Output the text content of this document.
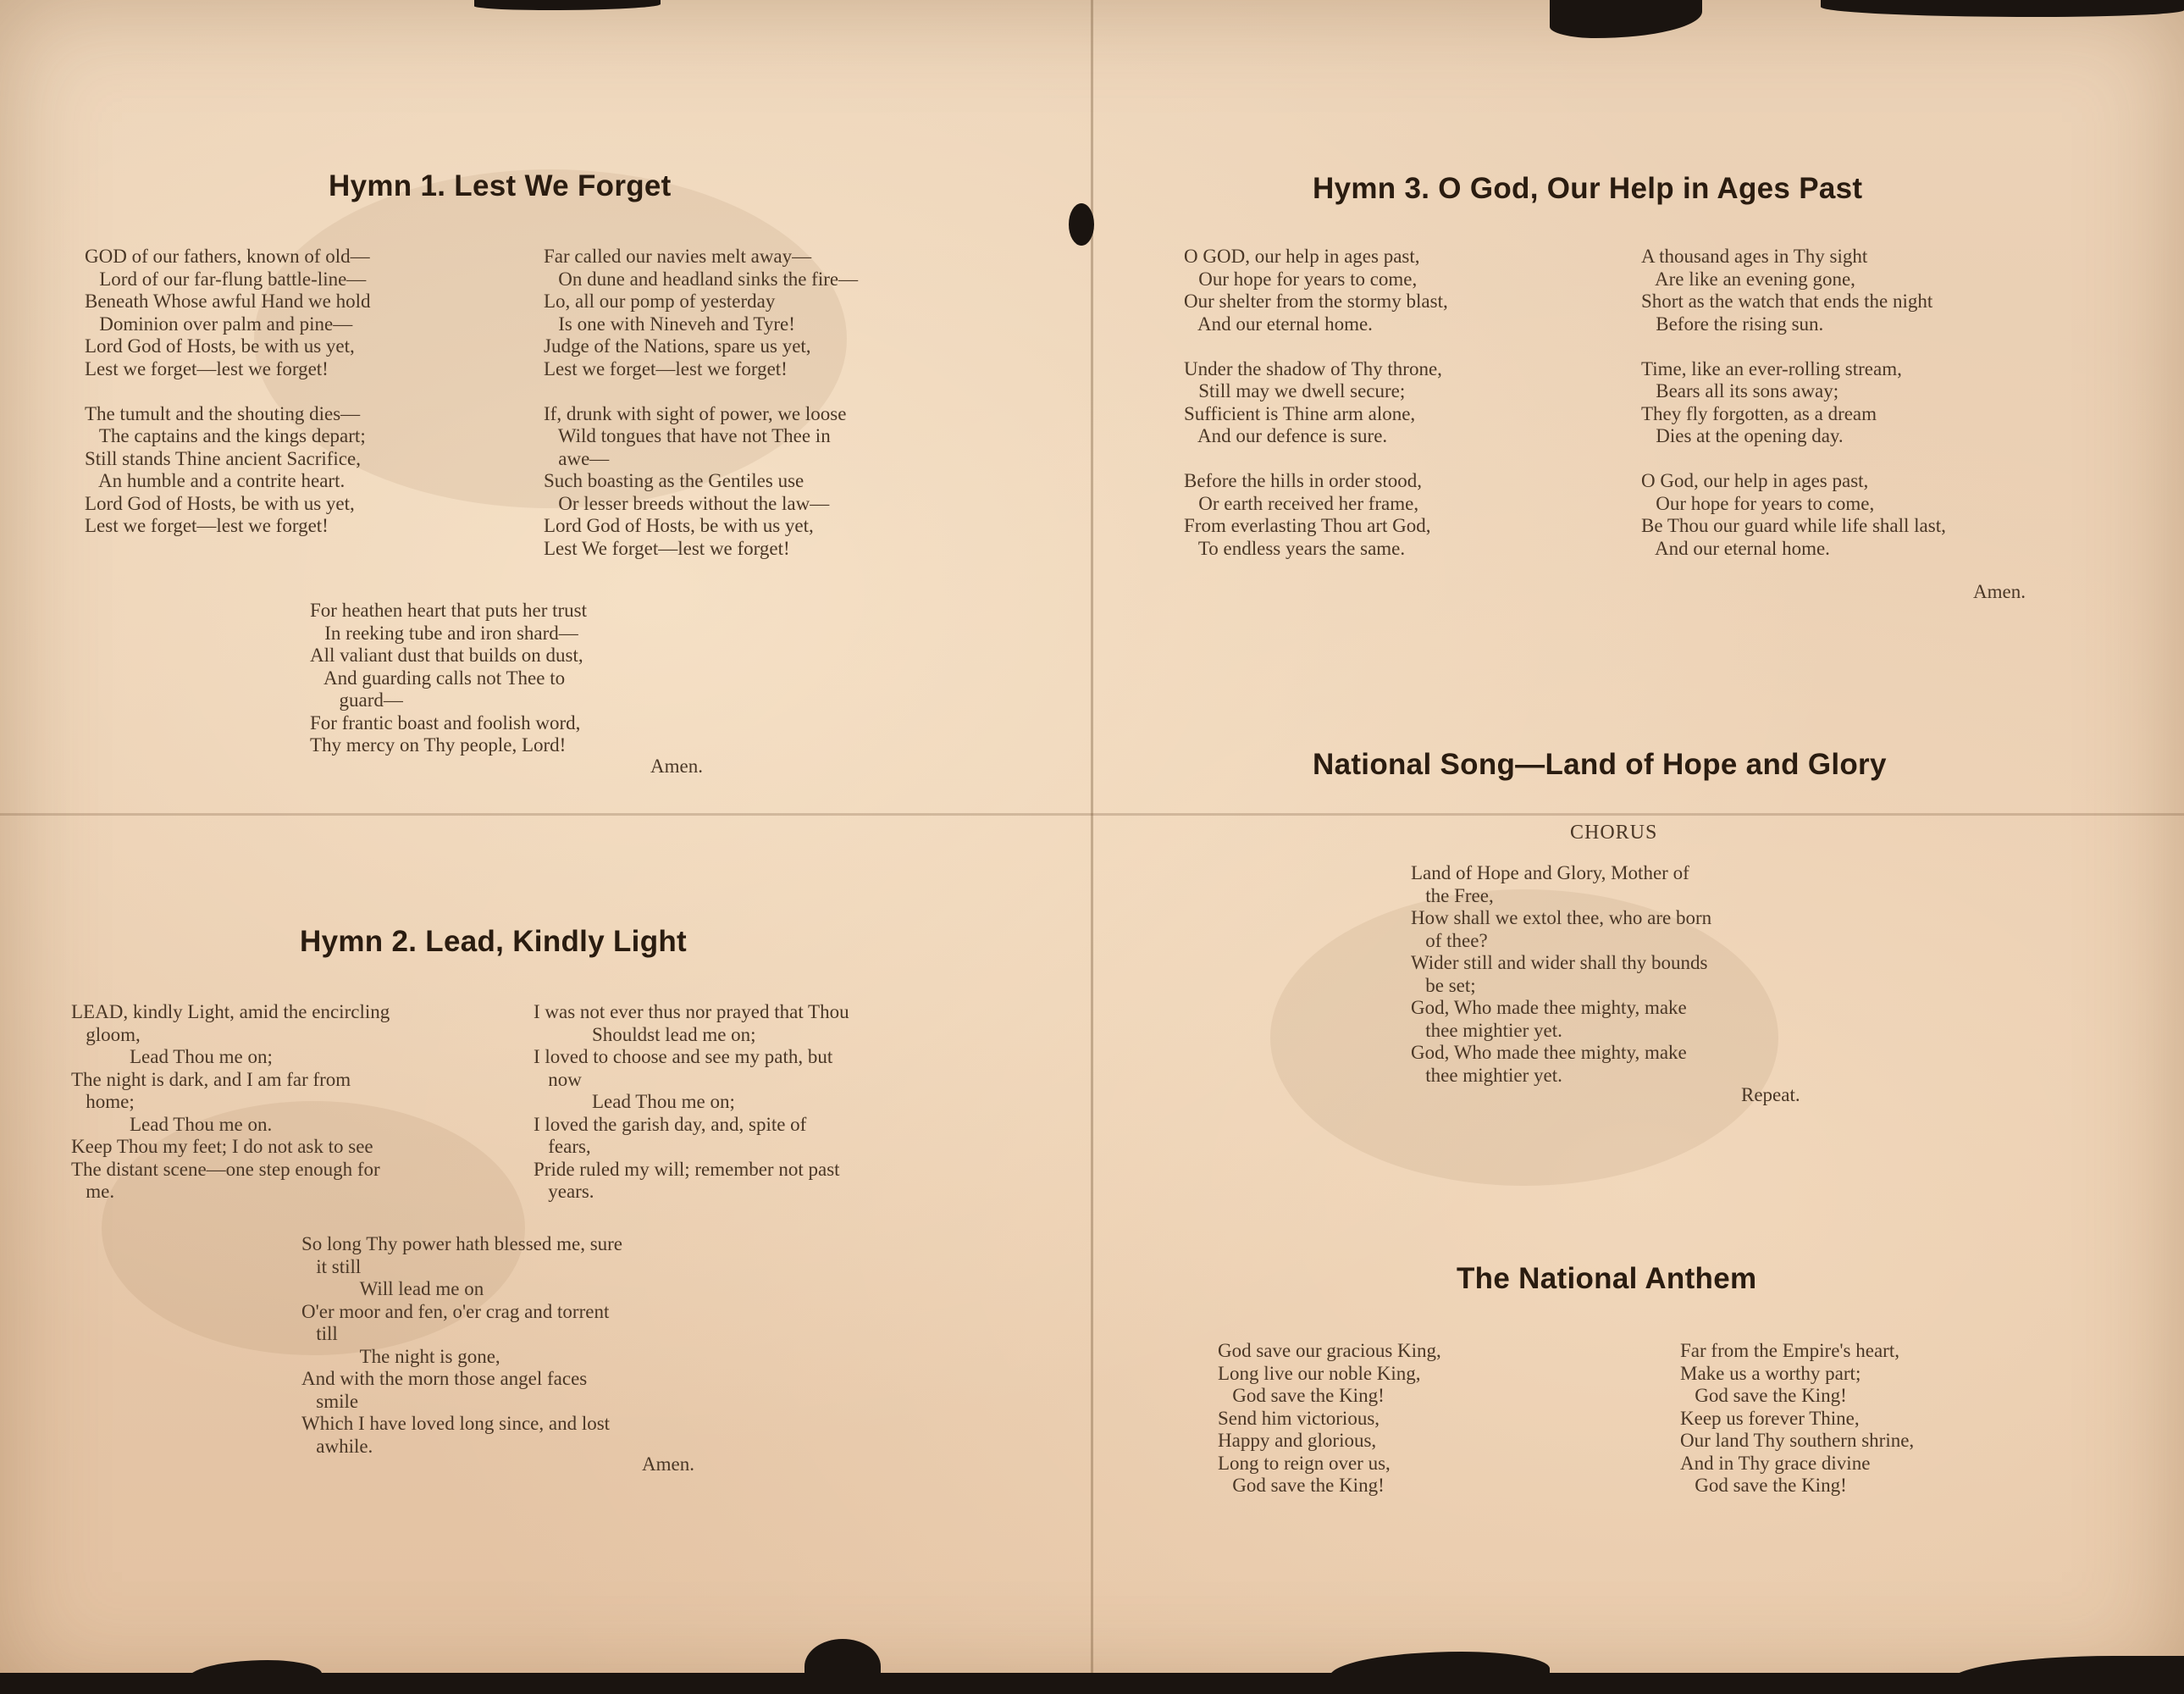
Hymn 1. Lest We Forget
GOD of our fathers, known of old—
Lord of our far-flung battle-line—
Beneath Whose awful Hand we hold
Dominion over palm and pine—
Lord God of Hosts, be with us yet,
Lest we forget—lest we forget!

The tumult and the shouting dies—
The captains and the kings depart;
Still stands Thine ancient Sacrifice,
An humble and a contrite heart.
Lord God of Hosts, be with us yet,
Lest we forget—lest we forget!
Far called our navies melt away—
On dune and headland sinks the fire—
Lo, all our pomp of yesterday
Is one with Nineveh and Tyre!
Judge of the Nations, spare us yet,
Lest we forget—lest we forget!

If, drunk with sight of power, we loose
Wild tongues that have not Thee in
awe—
Such boasting as the Gentiles use
Or lesser breeds without the law—
Lord God of Hosts, be with us yet,
Lest We forget—lest we forget!
For heathen heart that puts her trust
In reeking tube and iron shard—
All valiant dust that builds on dust,
And guarding calls not Thee to
guard—
For frantic boast and foolish word,
Thy mercy on Thy people, Lord!
Amen.
Hymn 2. Lead, Kindly Light
LEAD, kindly Light, amid the encircling
gloom,
Lead Thou me on;
The night is dark, and I am far from
home;
Lead Thou me on.
Keep Thou my feet; I do not ask to see
The distant scene—one step enough for
me.
I was not ever thus nor prayed that Thou
Shouldst lead me on;
I loved to choose and see my path, but
now
Lead Thou me on;
I loved the garish day, and, spite of
fears,
Pride ruled my will; remember not past
years.
So long Thy power hath blessed me, sure
it still
Will lead me on
O'er moor and fen, o'er crag and torrent
till
The night is gone,
And with the morn those angel faces
smile
Which I have loved long since, and lost
awhile.
Amen.
Hymn 3. O God, Our Help in Ages Past
O GOD, our help in ages past,
Our hope for years to come,
Our shelter from the stormy blast,
And our eternal home.

Under the shadow of Thy throne,
Still may we dwell secure;
Sufficient is Thine arm alone,
And our defence is sure.

Before the hills in order stood,
Or earth received her frame,
From everlasting Thou art God,
To endless years the same.
A thousand ages in Thy sight
Are like an evening gone,
Short as the watch that ends the night
Before the rising sun.

Time, like an ever-rolling stream,
Bears all its sons away;
They fly forgotten, as a dream
Dies at the opening day.

O God, our help in ages past,
Our hope for years to come,
Be Thou our guard while life shall last,
And our eternal home.
Amen.
National Song—Land of Hope and Glory
CHORUS
Land of Hope and Glory, Mother of
the Free,
How shall we extol thee, who are born
of thee?
Wider still and wider shall thy bounds
be set;
God, Who made thee mighty, make
thee mightier yet.
God, Who made thee mighty, make
thee mightier yet.
Repeat.
The National Anthem
God save our gracious King,
Long live our noble King,
God save the King!
Send him victorious,
Happy and glorious,
Long to reign over us,
God save the King!
Far from the Empire's heart,
Make us a worthy part;
God save the King!
Keep us forever Thine,
Our land Thy southern shrine,
And in Thy grace divine
God save the King!
